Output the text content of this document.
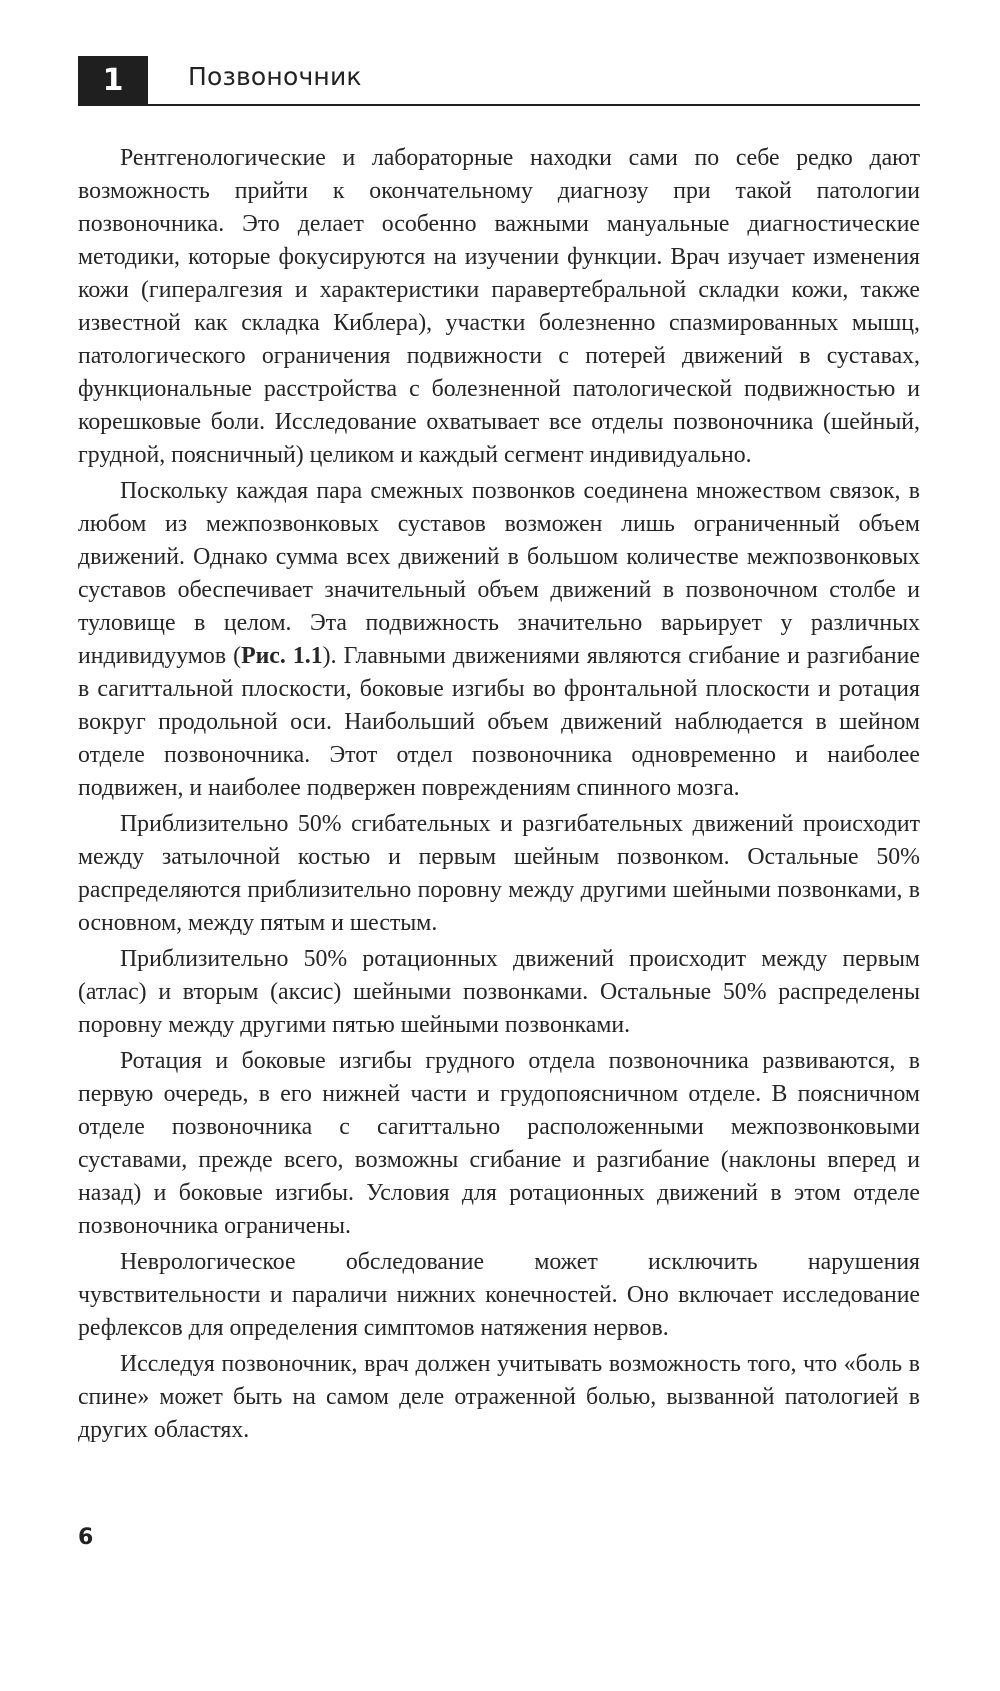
1	Позвоночник

Рентгенологические и лабораторные находки сами по себе редко дают возможность прийти к окончательному диагнозу при такой патологии позвоночника. Это делает особенно важными мануальные диагностические методики, которые фокусируются на изучении функции. Врач изучает изменения кожи (гипералгезия и характеристики паравертебральной складки кожи, также известной как складка Киблера), участки болезненно спазмированных мышц, патологического ограничения подвижности с потерей движений в суставах, функциональные расстройства с болезненной патологической подвижностью и корешковые боли. Исследование охватывает все отделы позвоночника (шейный, грудной, поясничный) целиком и каждый сегмент индивидуально.

Поскольку каждая пара смежных позвонков соединена множеством связок, в любом из межпозвонковых суставов возможен лишь ограниченный объем движений. Однако сумма всех движений в большом количестве межпозвонковых суставов обеспечивает значительный объем движений в позвоночном столбе и туловище в целом. Эта подвижность значительно варьирует у различных индивидуумов (Рис. 1.1). Главными движениями являются сгибание и разгибание в сагиттальной плоскости, боковые изгибы во фронтальной плоскости и ротация вокруг продольной оси. Наибольший объем движений наблюдается в шейном отделе позвоночника. Этот отдел позвоночника одновременно и наиболее подвижен, и наиболее подвержен повреждениям спинного мозга.

Приблизительно 50% сгибательных и разгибательных движений происходит между затылочной костью и первым шейным позвонком. Остальные 50% распределяются приблизительно поровну между другими шейными позвонками, в основном, между пятым и шестым.

Приблизительно 50% ротационных движений происходит между первым (атлас) и вторым (аксис) шейными позвонками. Остальные 50% распределены поровну между другими пятью шейными позвонками.

Ротация и боковые изгибы грудного отдела позвоночника развиваются, в первую очередь, в его нижней части и грудопоясничном отделе. В поясничном отделе позвоночника с сагиттально расположенными межпозвонковыми суставами, прежде всего, возможны сгибание и разгибание (наклоны вперед и назад) и боковые изгибы. Условия для ротационных движений в этом отделе позвоночника ограничены.

Неврологическое обследование может исключить нарушения чувствительности и параличи нижних конечностей. Оно включает исследование рефлексов для определения симптомов натяжения нервов.

Исследуя позвоночник, врач должен учитывать возможность того, что «боль в спине» может быть на самом деле отраженной болью, вызванной патологией в других областях.

6
